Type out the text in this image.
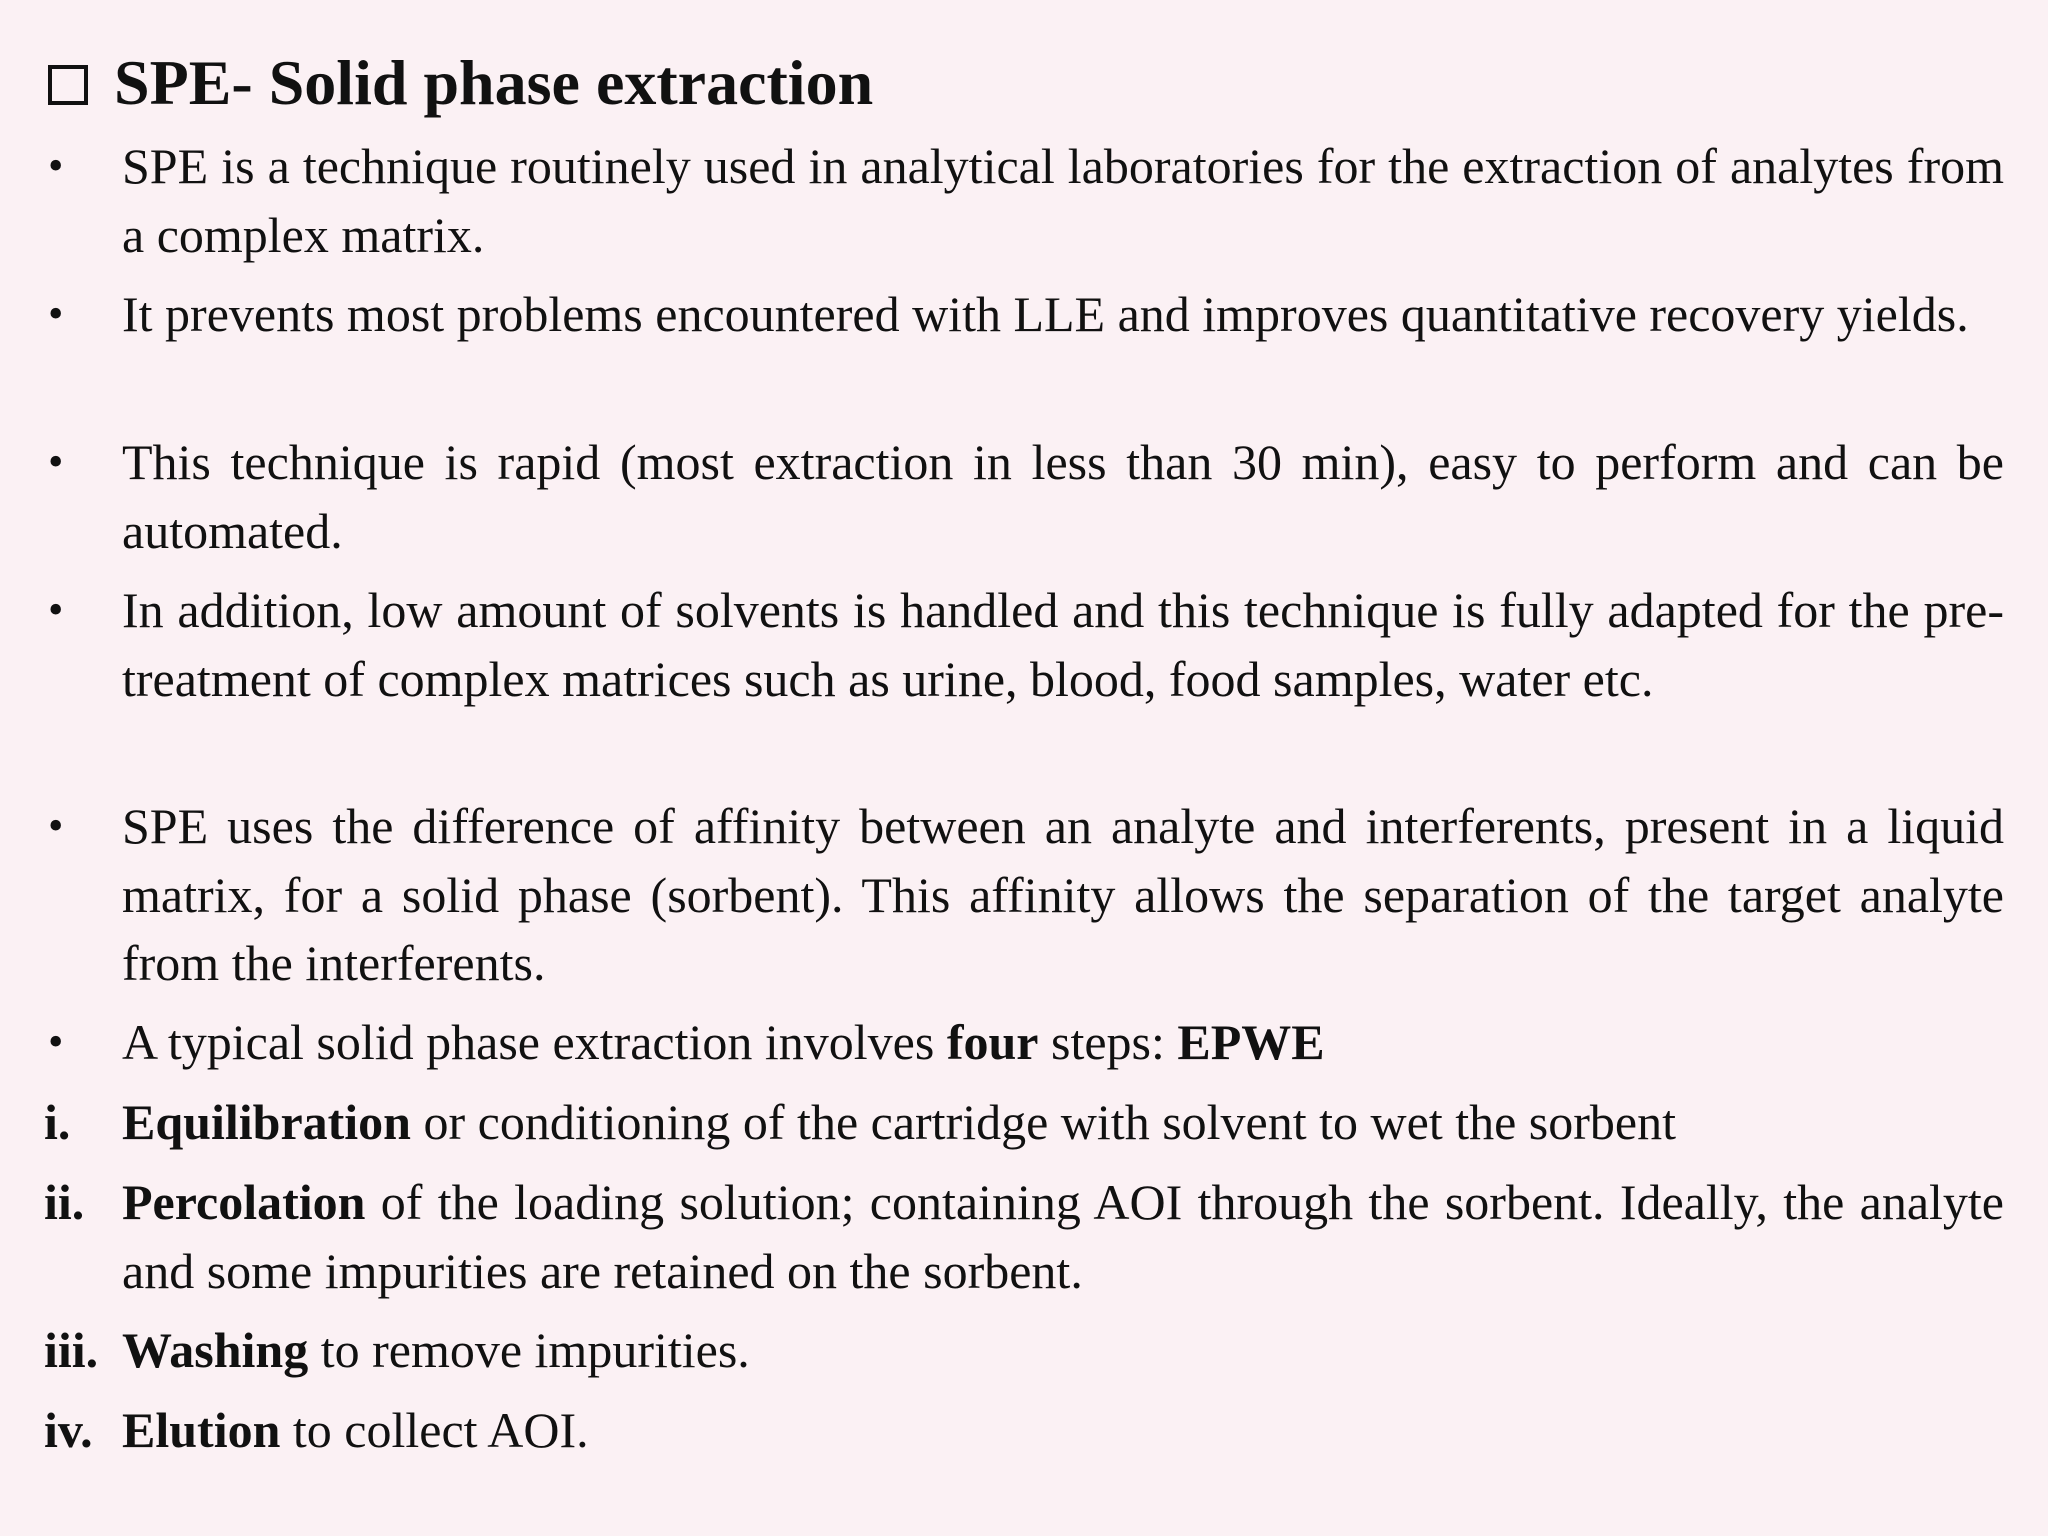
SPE- Solid phase extraction
•	SPE is a technique routinely used in analytical laboratories for the extraction of analytes from a complex matrix.
•	It prevents most problems encountered with LLE and improves quantitative recovery yields.
•	This technique is rapid (most extraction in less than 30 min), easy to perform and can be automated.
•	In addition, low amount of solvents is handled and this technique is fully adapted for the pre-treatment of complex matrices such as urine, blood, food samples, water etc.
•	SPE uses the difference of affinity between an analyte and interferents, present in a liquid matrix, for a solid phase (sorbent). This affinity allows the separation of the target analyte from the interferents.
•	A typical solid phase extraction involves four steps: EPWE
i.	Equilibration or conditioning of the cartridge with solvent to wet the sorbent
ii. Percolation of the loading solution; containing AOI through the sorbent. Ideally, the analyte and some impurities are retained on the sorbent.
iii. Washing to remove impurities.
iv. Elution to collect AOI.
